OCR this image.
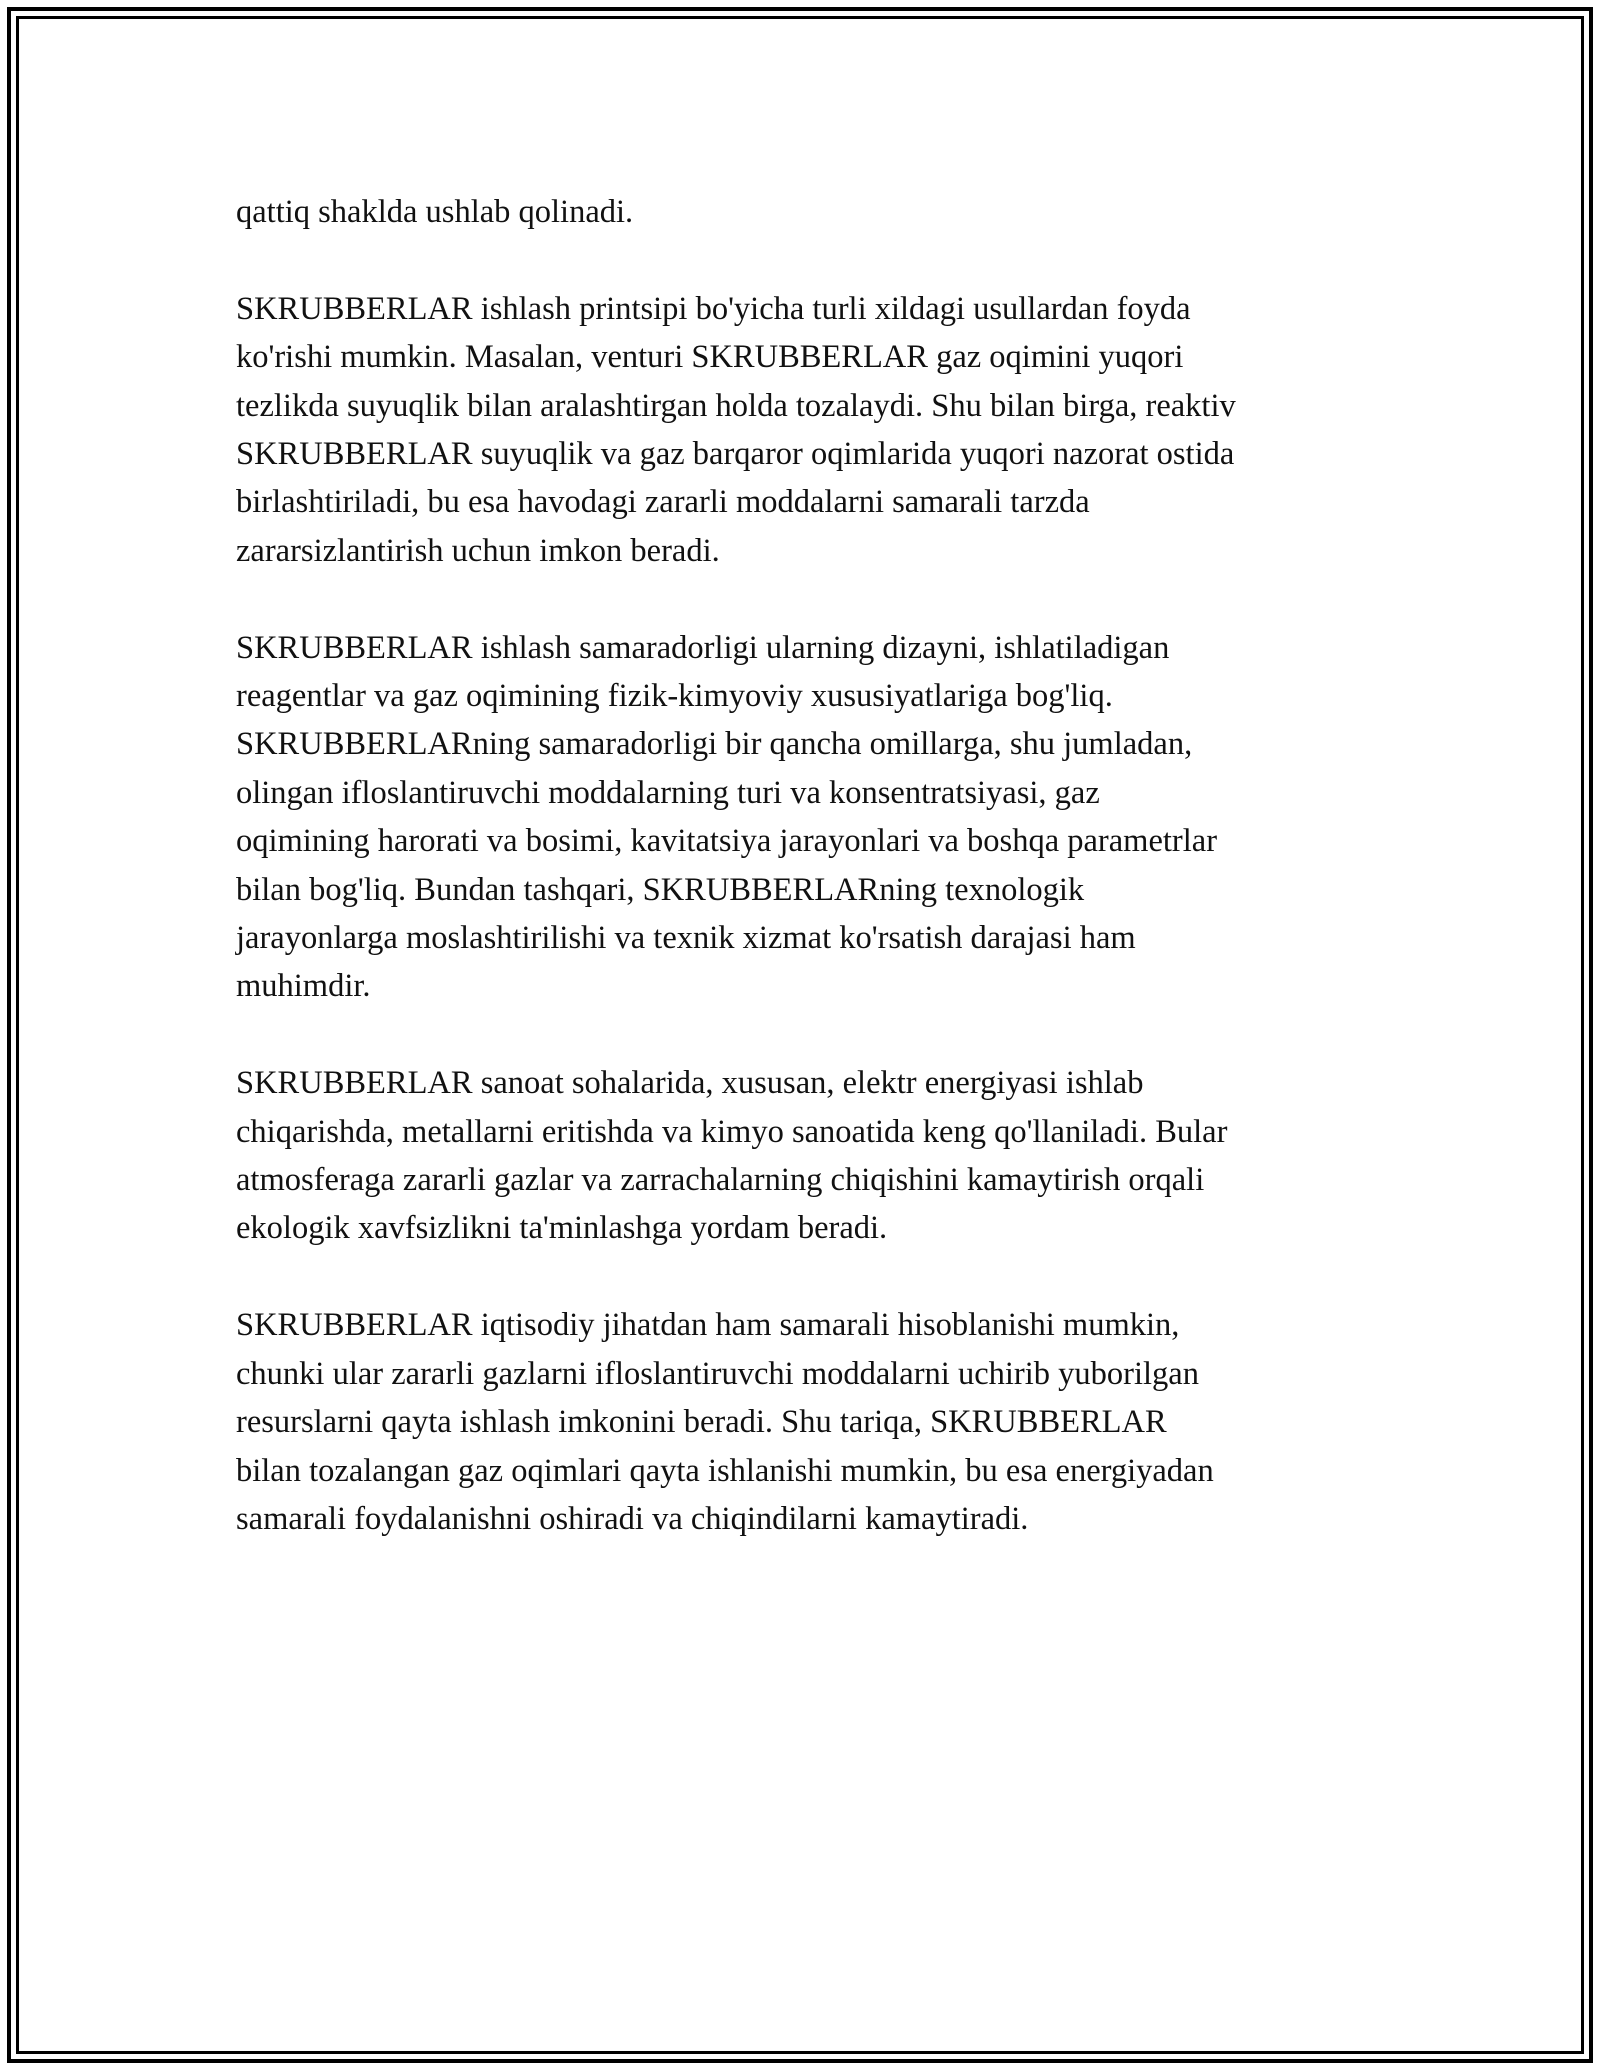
qattiq shaklda ushlab qolinadi.

SKRUBBERLAR ishlash printsipi bo'yicha turli xildagi usullardan foyda
ko'rishi mumkin. Masalan, venturi SKRUBBERLAR gaz oqimini yuqori
tezlikda suyuqlik bilan aralashtirgan holda tozalaydi. Shu bilan birga, reaktiv
SKRUBBERLAR suyuqlik va gaz barqaror oqimlarida yuqori nazorat ostida
birlashtiriladi, bu esa havodagi zararli moddalarni samarali tarzda
zararsizlantirish uchun imkon beradi.

SKRUBBERLAR ishlash samaradorligi ularning dizayni, ishlatiladigan
reagentlar va gaz oqimining fizik-kimyoviy xususiyatlariga bog'liq.
SKRUBBERLARning samaradorligi bir qancha omillarga, shu jumladan,
olingan ifloslantiruvchi moddalarning turi va konsentratsiyasi, gaz
oqimining harorati va bosimi, kavitatsiya jarayonlari va boshqa parametrlar
bilan bog'liq. Bundan tashqari, SKRUBBERLARning texnologik
jarayonlarga moslashtirilishi va texnik xizmat ko'rsatish darajasi ham
muhimdir.

SKRUBBERLAR sanoat sohalarida, xususan, elektr energiyasi ishlab
chiqarishda, metallarni eritishda va kimyo sanoatida keng qo'llaniladi. Bular
atmosferaga zararli gazlar va zarrachalarning chiqishini kamaytirish orqali
ekologik xavfsizlikni ta'minlashga yordam beradi.

SKRUBBERLAR iqtisodiy jihatdan ham samarali hisoblanishi mumkin,
chunki ular zararli gazlarni ifloslantiruvchi moddalarni uchirib yuborilgan
resurslarni qayta ishlash imkonini beradi. Shu tariqa, SKRUBBERLAR
bilan tozalangan gaz oqimlari qayta ishlanishi mumkin, bu esa energiyadan
samarali foydalanishni oshiradi va chiqindilarni kamaytiradi.
